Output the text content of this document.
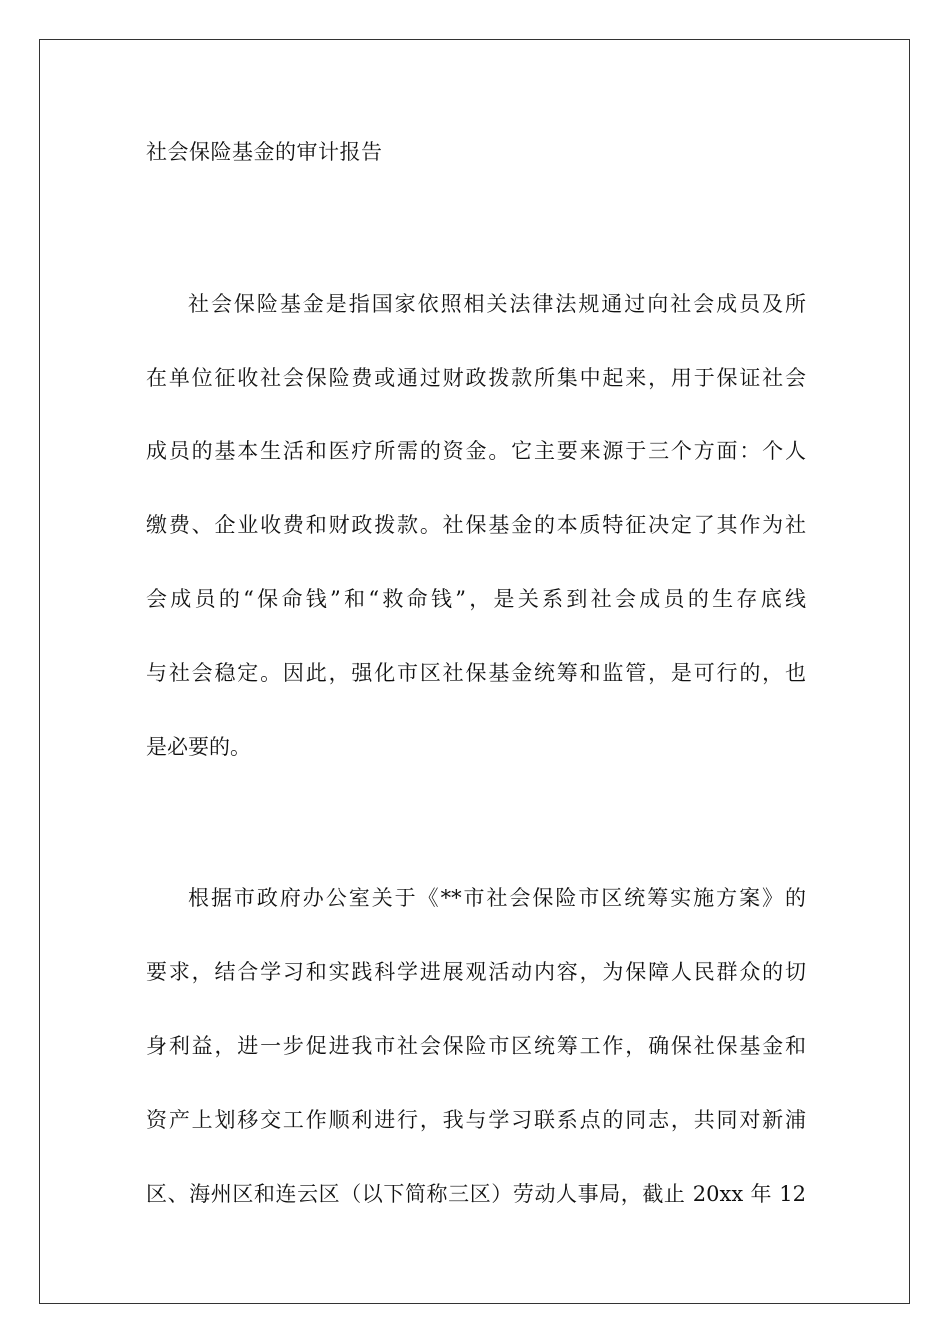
社会保险基金的审计报告
社会保险基金是指国家依照相关法律法规通过向社会成员及所
在单位征收社会保险费或通过财政拨款所集中起来，用于保证社会
成员的基本生活和医疗所需的资金。它主要来源于三个方面：个人
缴费、企业收费和财政拨款。社保基金的本质特征决定了其作为社
会成员的“保命钱”和“救命钱”，是关系到社会成员的生存底线
与社会稳定。因此，强化市区社保基金统筹和监管，是可行的，也
是必要的。
根据市政府办公室关于《**市社会保险市区统筹实施方案》的
要求，结合学习和实践科学进展观活动内容，为保障人民群众的切
身利益，进一步促进我市社会保险市区统筹工作，确保社保基金和
资产上划移交工作顺利进行，我与学习联系点的同志，共同对新浦
区、海州区和连云区（以下简称三区）劳动人事局，截止 20xx 年 12
